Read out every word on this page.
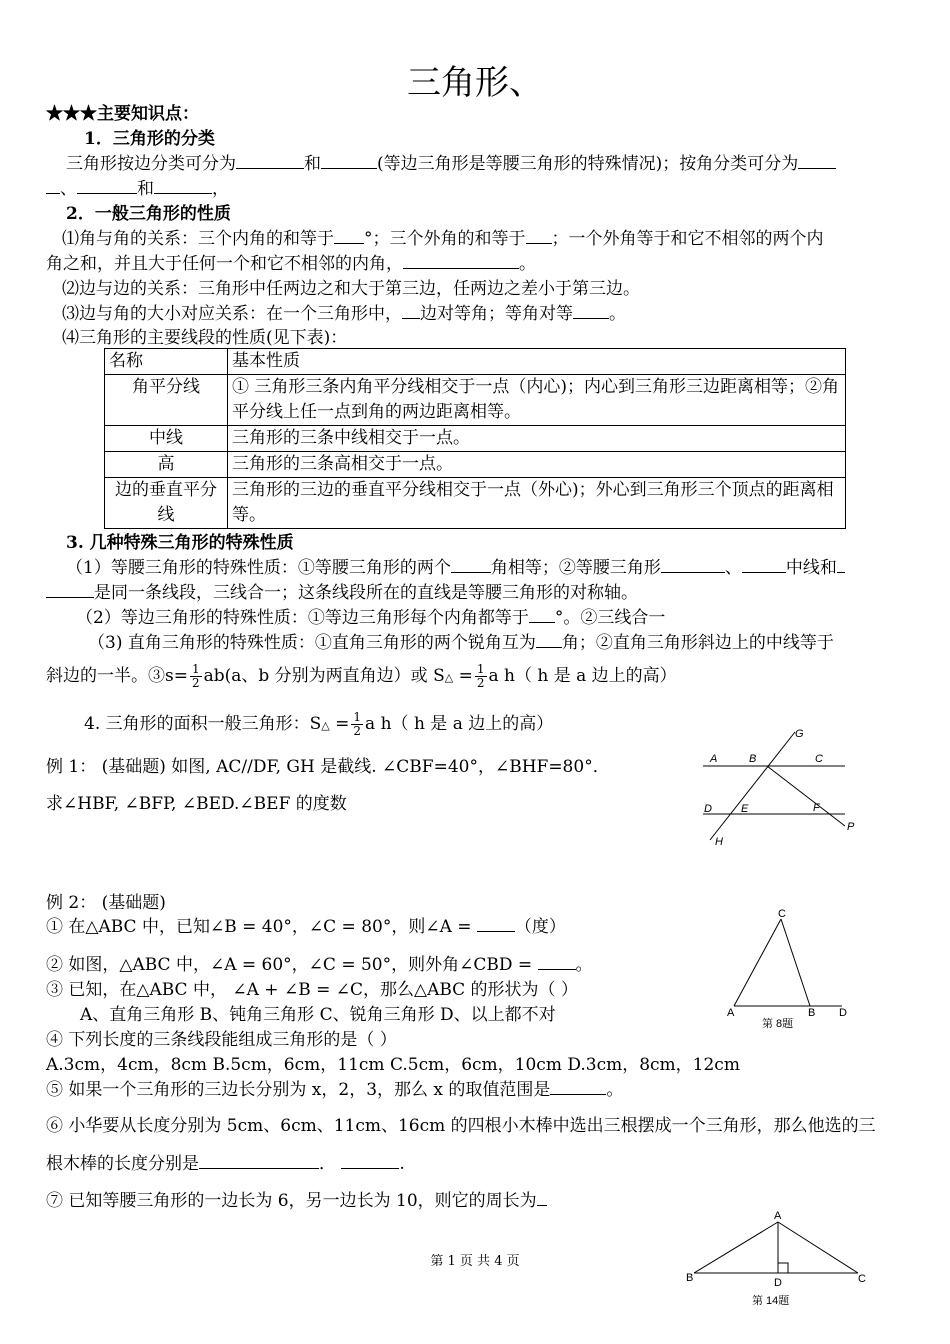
三角形、
★★★主要知识点：
1．三角形的分类
三角形按边分类可分为	和	(等边三角形是等腰三角形的特殊情况)；按角分类可分为
、	和	，
2．一般三角形的性质
⑴角与角的关系：三个内角的和等于 °；三个外角的和等于 ；一个外角等于和它不相邻的两个内
角之和，并且大于任何一个和它不相邻的内角，	。
⑵边与边的关系：三角形中任两边之和大于第三边，任两边之差小于第三边。
⑶边与角的大小对应关系：在一个三角形中， 边对等角；等角对等 。
⑷三角形的主要线段的性质(见下表)：
名称	基本性质
角平分线	① 三角形三条内角平分线相交于一点（内心)；内心到三角形三边距离相等；②角平分线上任一点到角的两边距离相等。
中线	三角形的三条中线相交于一点。
高	三角形的三条高相交于一点。
边的垂直平分线	三角形的三边的垂直平分线相交于一点（外心)；外心到三角形三个顶点的距离相等。
3. 几种特殊三角形的特殊性质
（1）等腰三角形的特殊性质：①等腰三角形的两个 角相等；②等腰三角形	、	中线和
是同一条线段，三线合一；这条线段所在的直线是等腰三角形的对称轴。
（2）等边三角形的特殊性质：①等边三角形每个内角都等于 °。②三线合一
（3) 直角三角形的特殊性质：①直角三角形的两个锐角互为 角；②直角三角形斜边上的中线等于
斜边的一半。③s= $\frac{1}{2} ab(a$、b 分别为两直角边）或 S△ = $\frac{1}{2}$ a h（ h 是 a 边上的高）
4. 三角形的面积一般三角形：S△ = $\frac{1}{2}$ a h（ h 是 a 边上的高）
例 1： (基础题) 如图, AC//DF, GH 是截线. ∠CBF=40°，∠BHF=80°．
求∠HBF, ∠BFP, ∠BED.∠BEF 的度数
G
A	B	C
D	E	F
P
H
例 2： (基础题)
① 在△ABC 中，已知∠B = 40°，∠C = 80°，则∠A =	（度）
② 如图，△ABC 中，∠A = 60°，∠C = 50°，则外角∠CBD =	。
③ 已知，在△ABC 中， ∠A + ∠B = ∠C，那么△ABC 的形状为（ ）
A、直角三角形 B、钝角三角形 C、锐角三角形 D、以上都不对
④ 下列长度的三条线段能组成三角形的是（ ）
A.3cm，4cm，8cm B.5cm，6cm，11cm C.5cm，6cm，10cm D.3cm，8cm，12cm
⑤ 如果一个三角形的三边长分别为 x，2，3，那么 x 的取值范围是	。
⑥ 小华要从长度分别为 5cm、6cm、11cm、16cm 的四根小木棒中选出三根摆成一个三角形，那么他选的三
根木棒的长度分别是	．	.
⑦ 已知等腰三角形的一边长为 6，另一边长为 10，则它的周长为
C
A	B D
第 8题
A
B	C
D
第 14题
第 1 页 共 4 页
